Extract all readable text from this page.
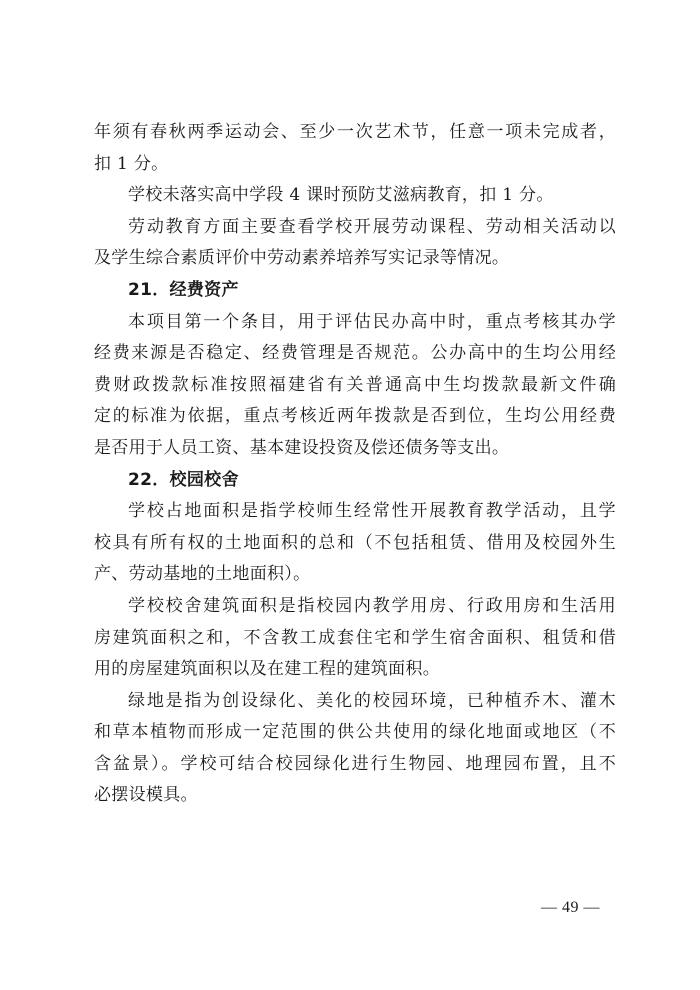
年须有春秋两季运动会、至少一次艺术节，任意一项未完成者，
扣 1 分。
学校未落实高中学段 4 课时预防艾滋病教育，扣 1 分。
劳动教育方面主要查看学校开展劳动课程、劳动相关活动以
及学生综合素质评价中劳动素养培养写实记录等情况。
21．经费资产
本项目第一个条目，用于评估民办高中时，重点考核其办学
经费来源是否稳定、经费管理是否规范。公办高中的生均公用经
费财政拨款标准按照福建省有关普通高中生均拨款最新文件确
定的标准为依据，重点考核近两年拨款是否到位，生均公用经费
是否用于人员工资、基本建设投资及偿还债务等支出。
22．校园校舍
学校占地面积是指学校师生经常性开展教育教学活动，且学
校具有所有权的土地面积的总和（不包括租赁、借用及校园外生
产、劳动基地的土地面积）。
学校校舍建筑面积是指校园内教学用房、行政用房和生活用
房建筑面积之和，不含教工成套住宅和学生宿舍面积、租赁和借
用的房屋建筑面积以及在建工程的建筑面积。
绿地是指为创设绿化、美化的校园环境，已种植乔木、灌木
和草本植物而形成一定范围的供公共使用的绿化地面或地区（不
含盆景）。学校可结合校园绿化进行生物园、地理园布置，且不
必摆设模具。
— 49 —
